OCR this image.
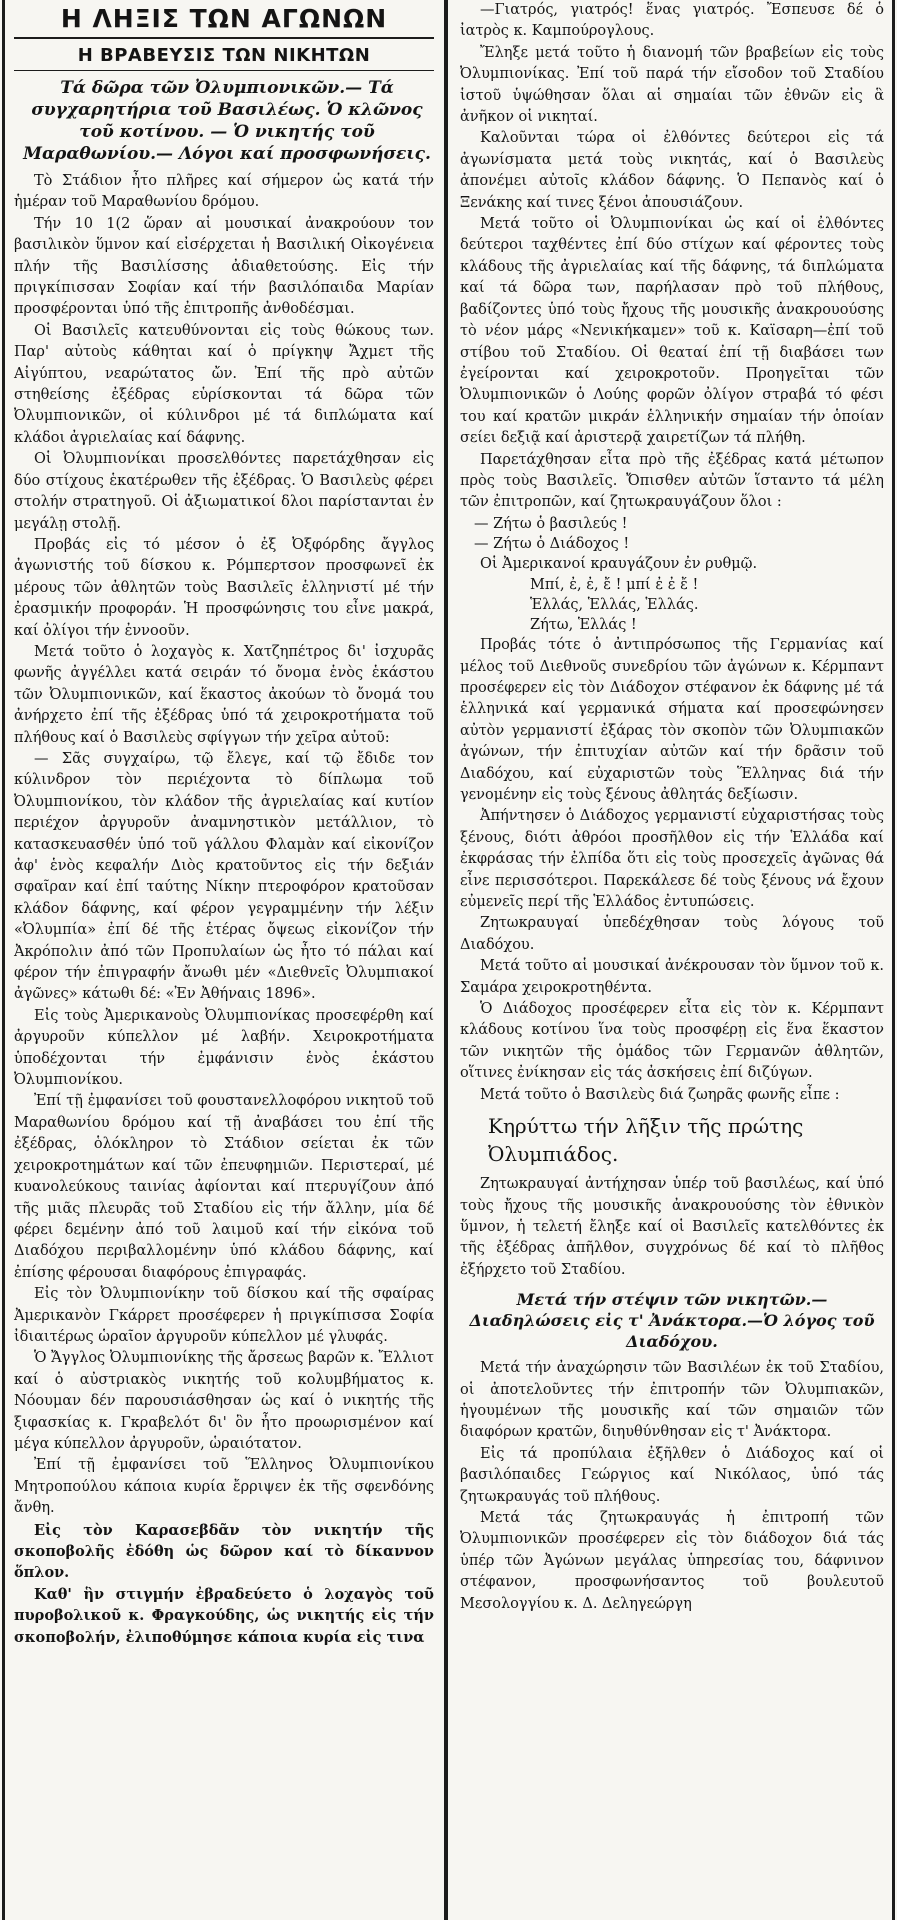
Η ΛΗΞΙΣ ΤΩΝ ΑΓΩΝΩΝ
Η ΒΡΑΒΕΥΣΙΣ ΤΩΝ ΝΙΚΗΤΩΝ

Τά δῶρα τῶν Ὀλυμπιονικῶν.— Τά συγχαρητήρια τοῦ Βασιλέως. Ὁ κλῶνος τοῦ κοτίνου. — Ὁ νικητής τοῦ Μαραθωνίου.— Λόγοι καί προσφωνήσεις.

Τὸ Στάδιον ἦτο πλῆρες καί σήμερον ὡς κατά τήν ἡμέραν τοῦ Μαραθωνίου δρόμου.

Τήν 10 1(2 ὥραν αἱ μουσικαί ἀνακρούουν τον βασιλικὸν ὕμνον καί εἰσέρχεται ἡ Βασιλική Οἰκογένεια πλήν τῆς Βασιλίσσης ἀδιαθετούσης. Εἰς τήν πριγκίπισσαν Σοφίαν καί τήν βασιλόπαιδα Μαρίαν προσφέρονται ὑπό τῆς ἐπιτροπῆς ἀνθοδέσμαι.

Οἱ Βασιλεῖς κατευθύνονται εἰς τοὺς θώκους των. Παρ' αὐτοὺς κάθηται καί ὁ πρίγκηψ Ἄχμετ τῆς Αἰγύπτου, νεαρώτατος ὤν. Ἐπί τῆς πρὸ αὐτῶν στηθείσης ἐξέδρας εὑρίσκονται τά δῶρα τῶν Ὀλυμπιονικῶν, οἱ κύλινδροι μέ τά διπλώματα καί κλάδοι ἀγριελαίας καί δάφνης.

Οἱ Ὀλυμπιονίκαι προσελθόντες παρετάχθησαν εἰς δύο στίχους ἑκατέρωθεν τῆς ἐξέδρας. Ὁ Βασιλεὺς φέρει στολήν στρατηγοῦ. Οἱ ἀξιωματικοί δλοι παρίστανται ἐν μεγάλῃ στολῇ.

Προβάς εἰς τό μέσον ὁ ἐξ Ὀξφόρδης ἄγγλος ἀγωνιστής τοῦ δίσκου κ. Ρόμπερτσον προσφωνεῖ ἐκ μέρους τῶν ἀθλητῶν τοὺς Βασιλεῖς ἑλληνιστί μέ τήν ἐρασμικήν προφοράν. Ἡ προσφώνησις του εἶνε μακρά, καί ὀλίγοι τήν ἐννοοῦν.

Μετά τοῦτο ὁ λοχαγὸς κ. Χατζηπέτρος δι' ἰσχυρᾶς φωνῆς ἀγγέλλει κατά σειράν τό ὄνομα ἑνὸς ἑκάστου τῶν Ὀλυμπιονικῶν, καί ἕκαστος ἀκούων τὸ ὄνομά του ἀνήρχετο ἐπί τῆς ἐξέδρας ὑπό τά χειροκροτήματα τοῦ πλήθους καί ὁ Βασιλεὺς σφίγγων τήν χεῖρα αὐτοῦ:

— Σᾶς συγχαίρω, τῷ ἔλεγε, καί τῷ ἔδιδε τον κύλινδρον τὸν περιέχοντα τὸ δίπλωμα τοῦ Ὀλυμπιονίκου, τὸν κλάδον τῆς ἀγριελαίας καί κυτίον περιέχον ἀργυροῦν ἀναμνηστικὸν μετάλλιον, τὸ κατασκευασθέν ὑπό τοῦ γάλλου Φλαμὰν καί εἰκονίζον ἀφ' ἑνὸς κεφαλήν Διὸς κρατοῦντος εἰς τήν δεξιάν σφαῖραν καί ἐπί ταύτης Νίκην πτεροφόρον κρατοῦσαν κλάδον δάφνης, καί φέρον γεγραμμένην τήν λέξιν «Ὀλυμπία» ἐπί δέ τῆς ἑτέρας ὄψεως εἰκονίζον τήν Ἀκρόπολιν ἀπό τῶν Προπυλαίων ὡς ἦτο τό πάλαι καί φέρον τήν ἐπιγραφήν ἄνωθι μέν «Διεθνεῖς Ὀλυμπιακοί ἀγῶνες» κάτωθι δέ: «Ἐν Ἀθήναις 1896».

Εἰς τοὺς Ἀμερικανοὺς Ὀλυμπιονίκας προσεφέρθη καί ἀργυροῦν κύπελλον μέ λαβήν. Χειροκροτήματα ὑποδέχονται τήν ἐμφάνισιν ἑνὸς ἑκάστου Ὀλυμπιονίκου.

Ἐπί τῇ ἐμφανίσει τοῦ φουστανελλοφόρου νικητοῦ τοῦ Μαραθωνίου δρόμου καί τῇ ἀναβάσει του ἐπί τῆς ἐξέδρας, ὁλόκληρον τὸ Στάδιον σείεται ἐκ τῶν χειροκροτημάτων καί τῶν ἐπευφημιῶν. Περιστεραί, μέ κυανολεύκους ταινίας ἀφίονται καί πτερυγίζουν ἀπό τῆς μιᾶς πλευρᾶς τοῦ Σταδίου εἰς τήν ἄλλην, μία δέ φέρει δεμένην ἀπό τοῦ λαιμοῦ καί τήν εἰκόνα τοῦ Διαδόχου περιβαλλομένην ὑπό κλάδου δάφνης, καί ἐπίσης φέρουσαι διαφόρους ἐπιγραφάς.

Εἰς τὸν Ὀλυμπιονίκην τοῦ δίσκου καί τῆς σφαίρας Ἀμερικανὸν Γκάρρετ προσέφερεν ἡ πριγκίπισσα Σοφία ἰδιαιτέρως ὡραῖον ἀργυροῦν κύπελλον μέ γλυφάς.

Ὁ Ἄγγλος Ὀλυμπιονίκης τῆς ἄρσεως βαρῶν κ. Ἔλλιοτ καί ὁ αὐστριακὸς νικητής τοῦ κολυμβήματος κ. Νόουμαν δέν παρουσιάσθησαν ὡς καί ὁ νικητής τῆς ξιφασκίας κ. Γκραβελότ δι' ὃν ἦτο προωρισμένον καί μέγα κύπελλον ἀργυροῦν, ὡραιότατον.

Ἐπί τῇ ἐμφανίσει τοῦ Ἕλληνος Ὀλυμπιονίκου Μητροπούλου κάποια κυρία ἔρριψεν ἐκ τῆς σφενδόνης ἄνθη.

Εἰς τὸν Καρασεβδᾶν τὸν νικητήν τῆς σκοποβολῆς ἐδόθη ὡς δῶρον καί τὸ δίκαννον ὅπλον.

Καθ' ἣν στιγμήν ἐβραδεύετο ὁ λοχαγὸς τοῦ πυροβολικοῦ κ. Φραγκούδης, ὡς νικητής εἰς τήν σκοποβολήν, ἐλιποθύμησε κάποια κυρία εἰς τινα

—Γιατρός, γιατρός! ἕνας γιατρός. Ἔσπευσε δέ ὁ ἰατρὸς κ. Καμπούρογλους.

Ἔληξε μετά τοῦτο ἡ διανομή τῶν βραβείων εἰς τοὺς Ὀλυμπιονίκας. Ἐπί τοῦ παρά τήν εἴσοδον τοῦ Σταδίου ἱστοῦ ὑψώθησαν ὅλαι αἱ σημαίαι τῶν ἐθνῶν εἰς ἃ ἀνῆκον οἱ νικηταί.

Καλοῦνται τώρα οἱ ἐλθόντες δεύτεροι εἰς τά ἀγωνίσματα μετά τοὺς νικητάς, καί ὁ Βασιλεὺς ἀπονέμει αὐτοῖς κλάδον δάφνης. Ὁ Πεπανὸς καί ὁ Ξενάκης καί τινες ξένοι ἀπουσιάζουν.

Μετά τοῦτο οἱ Ὀλυμπιονίκαι ὡς καί οἱ ἐλθόντες δεύτεροι ταχθέντες ἐπί δύο στίχων καί φέροντες τοὺς κλάδους τῆς ἀγριελαίας καί τῆς δάφνης, τά διπλώματα καί τά δῶρα των, παρήλασαν πρὸ τοῦ πλήθους, βαδίζοντες ὑπό τοὺς ἤχους τῆς μουσικῆς ἀνακρουούσης τὸ νέον μάρς «Νενικήκαμεν» τοῦ κ. Καϊσαρη—ἐπί τοῦ στίβου τοῦ Σταδίου. Οἱ θεαταί ἐπί τῇ διαβάσει των ἐγείρονται καί χειροκροτοῦν. Προηγεῖται τῶν Ὀλυμπιονικῶν ὁ Λούης φορῶν ὀλίγον στραβά τό φέσι του καί κρατῶν μικράν ἑλληνικήν σημαίαν τήν ὁποίαν σείει δεξιᾷ καί ἀριστερᾷ χαιρετίζων τά πλήθη.

Παρετάχθησαν εἶτα πρὸ τῆς ἐξέδρας κατά μέτωπον πρὸς τοὺς Βασιλεῖς. Ὄπισθεν αὐτῶν ἵσταντο τά μέλη τῶν ἐπιτροπῶν, καί ζητωκραυγάζουν ὅλοι :

— Ζήτω ὁ βασιλεύς !

— Ζήτω ὁ Διάδοχος !

Οἱ Ἀμερικανοί κραυγάζουν ἐν ρυθμῷ.

Μπί, ἐ, ἐ, ἔ ! μπί ἐ ἐ ἔ !

Ἑλλάς, Ἑλλάς, Ἑλλάς.

Ζήτω, Ἑλλάς !

Προβάς τότε ὁ ἀντιπρόσωπος τῆς Γερμανίας καί μέλος τοῦ Διεθνοῦς συνεδρίου τῶν ἀγώνων κ. Κέρμπαντ προσέφερεν εἰς τὸν Διάδοχον στέφανον ἐκ δάφνης μέ τά ἑλληνικά καί γερμανικά σήματα καί προσεφώνησεν αὐτὸν γερμανιστί ἐξάρας τὸν σκοπὸν τῶν Ὀλυμπιακῶν ἀγώνων, τήν ἐπιτυχίαν αὐτῶν καί τήν δρᾶσιν τοῦ Διαδόχου, καί εὐχαριστῶν τοὺς Ἕλληνας διά τήν γενομένην εἰς τοὺς ξένους ἀθλητάς δεξίωσιν.

Ἀπήντησεν ὁ Διάδοχος γερμανιστί εὐχαριστήσας τοὺς ξένους, διότι ἀθρόοι προσῆλθον εἰς τήν Ἑλλάδα καί ἐκφράσας τήν ἐλπίδα ὅτι εἰς τοὺς προσεχεῖς ἀγῶνας θά εἶνε περισσότεροι. Παρεκάλεσε δέ τοὺς ξένους νά ἔχουν εὐμενεῖς περί τῆς Ἑλλάδος ἐντυπώσεις.

Ζητωκραυγαί ὑπεδέχθησαν τοὺς λόγους τοῦ Διαδόχου.

Μετά τοῦτο αἱ μουσικαί ἀνέκρουσαν τὸν ὕμνον τοῦ κ. Σαμάρα χειροκροτηθέντα.

Ὁ Διάδοχος προσέφερεν εἶτα εἰς τὸν κ. Κέρμπαντ κλάδους κοτίνου ἵνα τοὺς προσφέρῃ εἰς ἕνα ἕκαστον τῶν νικητῶν τῆς ὁμάδος τῶν Γερμανῶν ἀθλητῶν, οἵτινες ἐνίκησαν εἰς τάς ἀσκήσεις ἐπί διζύγων.

Μετά τοῦτο ὁ Βασιλεὺς διά ζωηρᾶς φωνῆς εἶπε :

Κηρύττω τήν λῆξιν τῆς πρώτης Ὀλυμπιάδος.

Ζητωκραυγαί ἀντήχησαν ὑπέρ τοῦ βασιλέως, καί ὑπό τοὺς ἤχους τῆς μουσικῆς ἀνακρουούσης τὸν ἐθνικὸν ὕμνον, ἡ τελετή ἔληξε καί οἱ Βασιλεῖς κατελθόντες ἐκ τῆς ἐξέδρας ἀπῆλθον, συγχρόνως δέ καί τὸ πλῆθος ἐξήρχετο τοῦ Σταδίου.

Μετά τήν στέψιν τῶν νικητῶν.—Διαδηλώσεις εἰς τ' Ἀνάκτορα.—Ὁ λόγος τοῦ Διαδόχου.

Μετά τήν ἀναχώρησιν τῶν Βασιλέων ἐκ τοῦ Σταδίου, οἱ ἀποτελοῦντες τήν ἐπιτροπήν τῶν Ὀλυμπιακῶν, ἡγουμένων τῆς μουσικῆς καί τῶν σημαιῶν τῶν διαφόρων κρατῶν, διηυθύνθησαν εἰς τ' Ἀνάκτορα.

Εἰς τά προπύλαια ἐξῆλθεν ὁ Διάδοχος καί οἱ βασιλόπαιδες Γεώργιος καί Νικόλαος, ὑπό τάς ζητωκραυγάς τοῦ πλήθους.

Μετά τάς ζητωκραυγάς ἡ ἐπιτροπή τῶν Ὀλυμπιονικῶν προσέφερεν εἰς τὸν διάδοχον διά τάς ὑπέρ τῶν Ἀγώνων μεγάλας ὑπηρεσίας του, δάφνινον στέφανον, προσφωνήσαντος τοῦ βουλευτοῦ Μεσολογγίου κ. Δ. Δεληγεώργη
